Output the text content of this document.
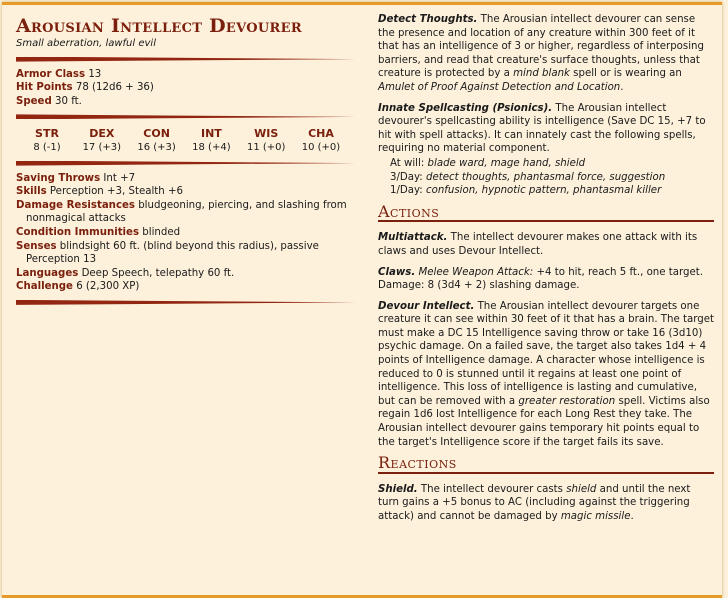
Arousian Intellect Devourer
Small aberration, lawful evil
Armor Class 13
Hit Points 78 (12d6 + 36)
Speed 30 ft.
STR
8 (-1)
DEX
17 (+3)
CON
16 (+3)
INT
18 (+4)
WIS
11 (+0)
CHA
10 (+0)
Saving Throws Int +7
Skills Perception +3, Stealth +6
Damage Resistances bludgeoning, piercing, and slashing from nonmagical attacks
Condition Immunities blinded
Senses blindsight 60 ft. (blind beyond this radius), passive Perception 13
Languages Deep Speech, telepathy 60 ft.
Challenge 6 (2,300 XP)

Detect Thoughts. The Arousian intellect devourer can sense the presence and location of any creature within 300 feet of it that has an intelligence of 3 or higher, regardless of interposing barriers, and read that creature's surface thoughts, unless that creature is protected by a mind blank spell or is wearing an Amulet of Proof Against Detection and Location.

Innate Spellcasting (Psionics). The Arousian intellect devourer's spellcasting ability is intelligence (Save DC 15, +7 to hit with spell attacks). It can innately cast the following spells, requiring no material component.

At will: blade ward, mage hand, shield
3/Day: detect thoughts, phantasmal force, suggestion
1/Day: confusion, hypnotic pattern, phantasmal killer
Actions

Multiattack. The intellect devourer makes one attack with its claws and uses Devour Intellect.

Claws. Melee Weapon Attack: +4 to hit, reach 5 ft., one target.
Damage: 8 (3d4 + 2) slashing damage.

Devour Intellect. The Arousian intellect devourer targets one creature it can see within 30 feet of it that has a brain. The target must make a DC 15 Intelligence saving throw or take 16 (3d10) psychic damage. On a failed save, the target also takes 1d4 + 4 points of Intelligence damage. A character whose intelligence is reduced to 0 is stunned until it regains at least one point of intelligence. This loss of intelligence is lasting and cumulative, but can be removed with a greater restoration spell. Victims also regain 1d6 lost Intelligence for each Long Rest they take. The Arousian intellect devourer gains temporary hit points equal to the target's Intelligence score if the target fails its save.

Reactions

Shield. The intellect devourer casts shield and until the next turn gains a +5 bonus to AC (including against the triggering attack) and cannot be damaged by magic missile.
